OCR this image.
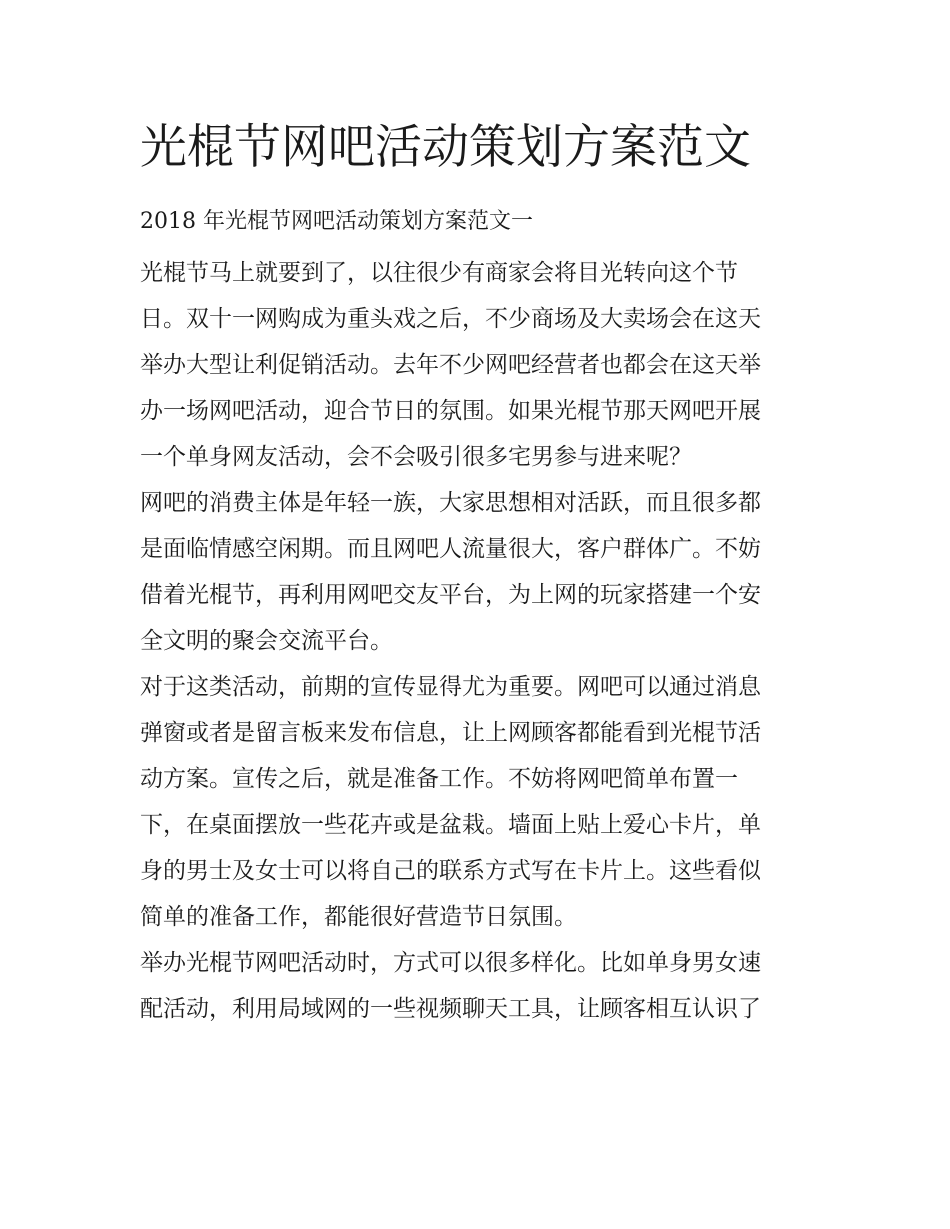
光棍节网吧活动策划方案范文
2018 年光棍节网吧活动策划方案范文一
光棍节马上就要到了，以往很少有商家会将目光转向这个节
日。双十一网购成为重头戏之后，不少商场及大卖场会在这天
举办大型让利促销活动。去年不少网吧经营者也都会在这天举
办一场网吧活动，迎合节日的氛围。如果光棍节那天网吧开展
一个单身网友活动，会不会吸引很多宅男参与进来呢？
网吧的消费主体是年轻一族，大家思想相对活跃，而且很多都
是面临情感空闲期。而且网吧人流量很大，客户群体广。不妨
借着光棍节，再利用网吧交友平台，为上网的玩家搭建一个安
全文明的聚会交流平台。
对于这类活动，前期的宣传显得尤为重要。网吧可以通过消息
弹窗或者是留言板来发布信息，让上网顾客都能看到光棍节活
动方案。宣传之后，就是准备工作。不妨将网吧简单布置一
下，在桌面摆放一些花卉或是盆栽。墙面上贴上爱心卡片，单
身的男士及女士可以将自己的联系方式写在卡片上。这些看似
简单的准备工作，都能很好营造节日氛围。
举办光棍节网吧活动时，方式可以很多样化。比如单身男女速
配活动，利用局域网的一些视频聊天工具，让顾客相互认识了
